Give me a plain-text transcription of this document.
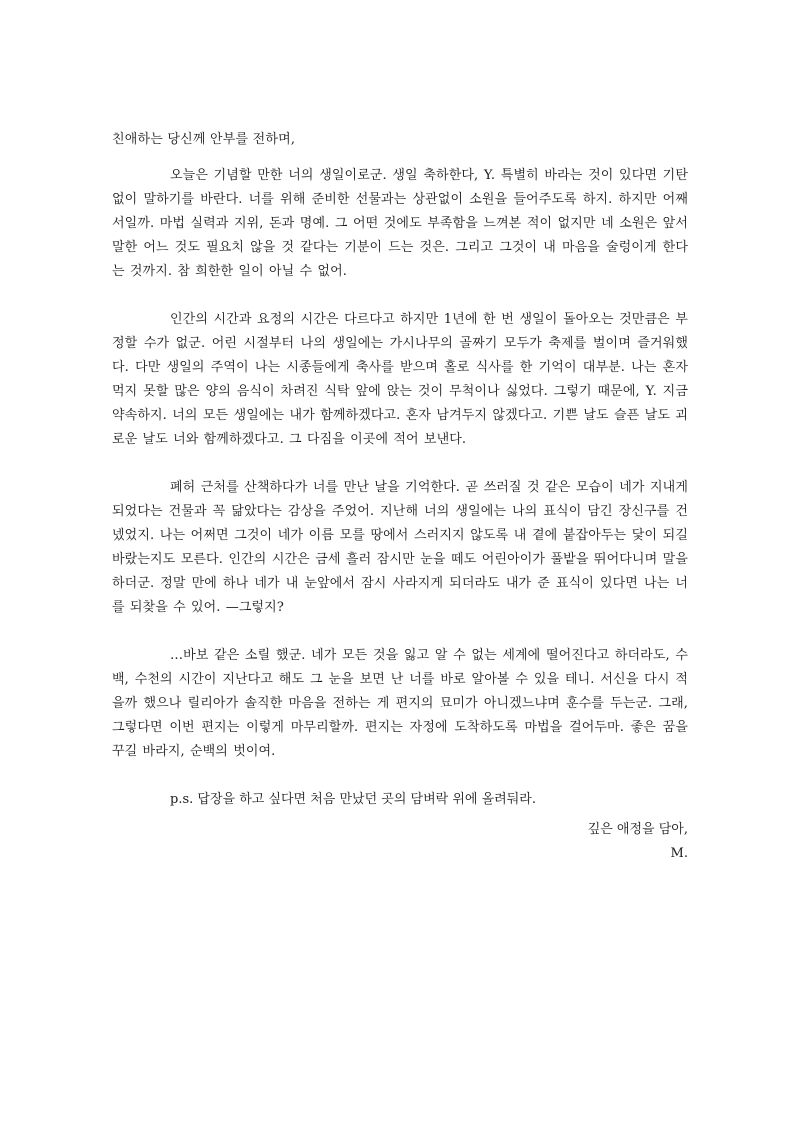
친애하는 당신께 안부를 전하며,

오늘은 기념할 만한 너의 생일이로군. 생일 축하한다, Y. 특별히 바라는 것이 있다면 기탄없이 말하기를 바란다. 너를 위해 준비한 선물과는 상관없이 소원을 들어주도록 하지. 하지만 어째서일까. 마법 실력과 지위, 돈과 명예. 그 어떤 것에도 부족함을 느껴본 적이 없지만 네 소원은 앞서 말한 어느 것도 필요치 않을 것 같다는 기분이 드는 것은. 그리고 그것이 내 마음을 술렁이게 한다는 것까지. 참 희한한 일이 아닐 수 없어.

인간의 시간과 요정의 시간은 다르다고 하지만 1년에 한 번 생일이 돌아오는 것만큼은 부정할 수가 없군. 어린 시절부터 나의 생일에는 가시나무의 골짜기 모두가 축제를 벌이며 즐거워했다. 다만 생일의 주역이 나는 시종들에게 축사를 받으며 홀로 식사를 한 기억이 대부분. 나는 혼자 먹지 못할 많은 양의 음식이 차려진 식탁 앞에 앉는 것이 무척이나 싫었다. 그렇기 때문에, Y. 지금 약속하지. 너의 모든 생일에는 내가 함께하겠다고. 혼자 남겨두지 않겠다고. 기쁜 날도 슬픈 날도 괴로운 날도 너와 함께하겠다고. 그 다짐을 이곳에 적어 보낸다.

폐허 근처를 산책하다가 너를 만난 날을 기억한다. 곧 쓰러질 것 같은 모습이 네가 지내게 되었다는 건물과 꼭 닮았다는 감상을 주었어. 지난해 너의 생일에는 나의 표식이 담긴 장신구를 건넸었지. 나는 어쩌면 그것이 네가 이름 모를 땅에서 스러지지 않도록 내 곁에 붙잡아두는 닻이 되길 바랐는지도 모른다. 인간의 시간은 금세 흘러 잠시만 눈을 떼도 어린아이가 풀밭을 뛰어다니며 말을 하더군. 정말 만에 하나 네가 내 눈앞에서 잠시 사라지게 되더라도 내가 준 표식이 있다면 나는 너를 되찾을 수 있어. —그렇지?

…바보 같은 소릴 했군. 네가 모든 것을 잃고 알 수 없는 세계에 떨어진다고 하더라도, 수백, 수천의 시간이 지난다고 해도 그 눈을 보면 난 너를 바로 알아볼 수 있을 테니. 서신을 다시 적을까 했으나 릴리아가 솔직한 마음을 전하는 게 편지의 묘미가 아니겠느냐며 훈수를 두는군. 그래, 그렇다면 이번 편지는 이렇게 마무리할까. 편지는 자정에 도착하도록 마법을 걸어두마. 좋은 꿈을 꾸길 바라지, 순백의 벗이여.

p.s. 답장을 하고 싶다면 처음 만났던 곳의 담벼락 위에 올려둬라.

깊은 애정을 담아,
M.
